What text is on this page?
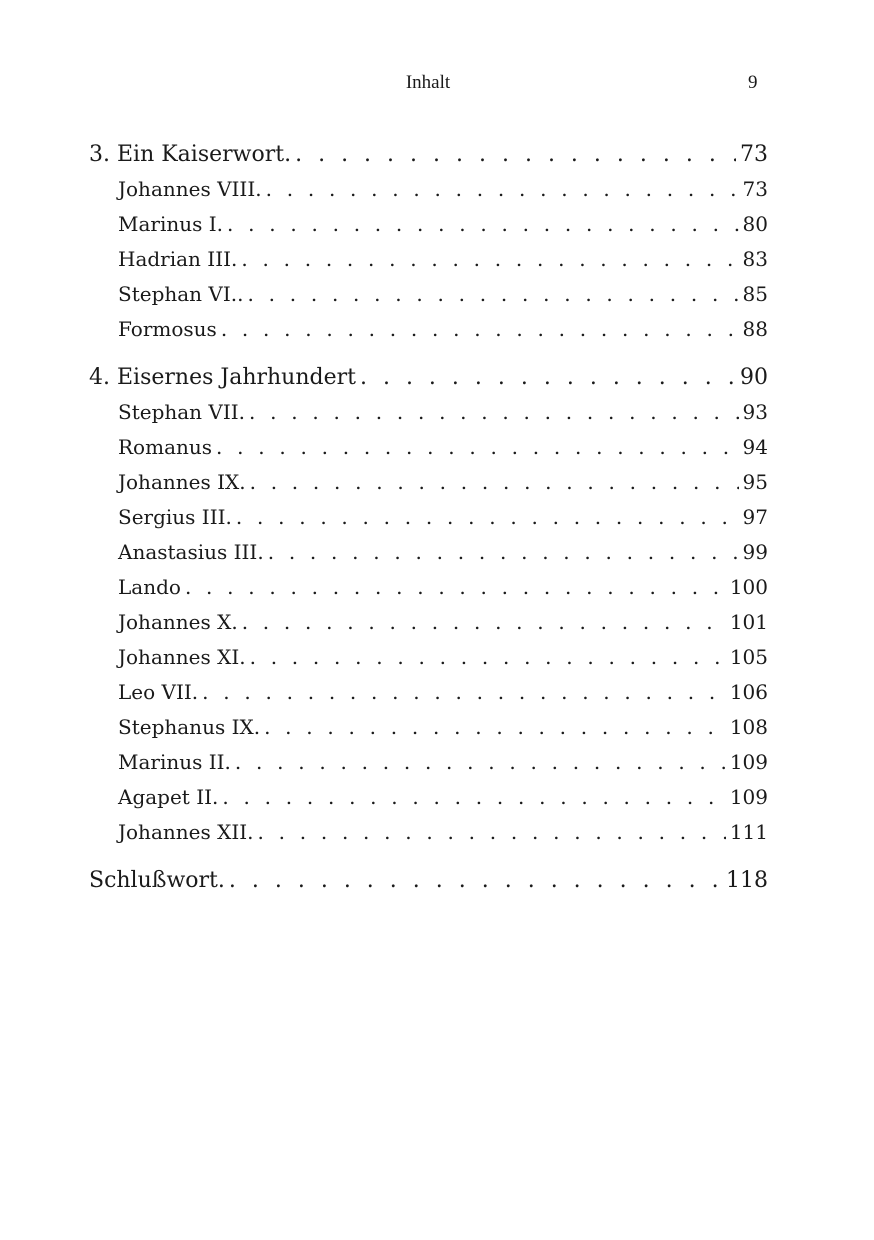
Inhalt	9
3. Ein Kaiserwort. . . .	73
Johannes VIII. . . .	73
Marinus I. . . .	80
Hadrian III. . . .	83
Stephan VI.. . . .	85
Formosus . . .	88
4. Eisernes Jahrhundert . . .	90
Stephan VII. . . .	93
Romanus . . .	94
Johannes IX. . . .	95
Sergius III. . . .	97
Anastasius III. . . .	99
Lando . . .	100
Johannes X. . . .	101
Johannes XI. . . .	105
Leo VII. . . .	106
Stephanus IX. . . .	108
Marinus II. . . .	109
Agapet II. . . .	109
Johannes XII. . . .	111
Schlußwort. . . .	118
